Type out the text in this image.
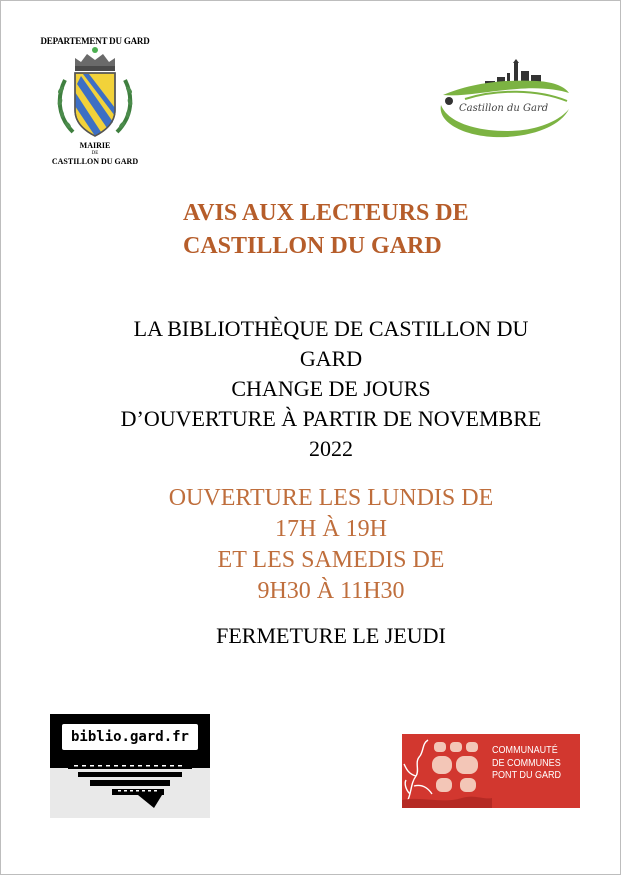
DEPARTEMENT DU GARD
MAIRIE
DE
CASTILLON DU GARD
Castillon du Gard
AVIS AUX LECTEURS DE
CASTILLON DU GARD
LA BIBLIOTHÈQUE DE CASTILLON DU
GARD
CHANGE DE JOURS
D’OUVERTURE À PARTIR DE NOVEMBRE
2022
OUVERTURE LES LUNDIS DE
17H À 19H
ET LES SAMEDIS DE
9H30 À 11H30
FERMETURE LE JEUDI
biblio.gard.fr
COMMUNAUTÉ
DE COMMUNES
PONT DU GARD
